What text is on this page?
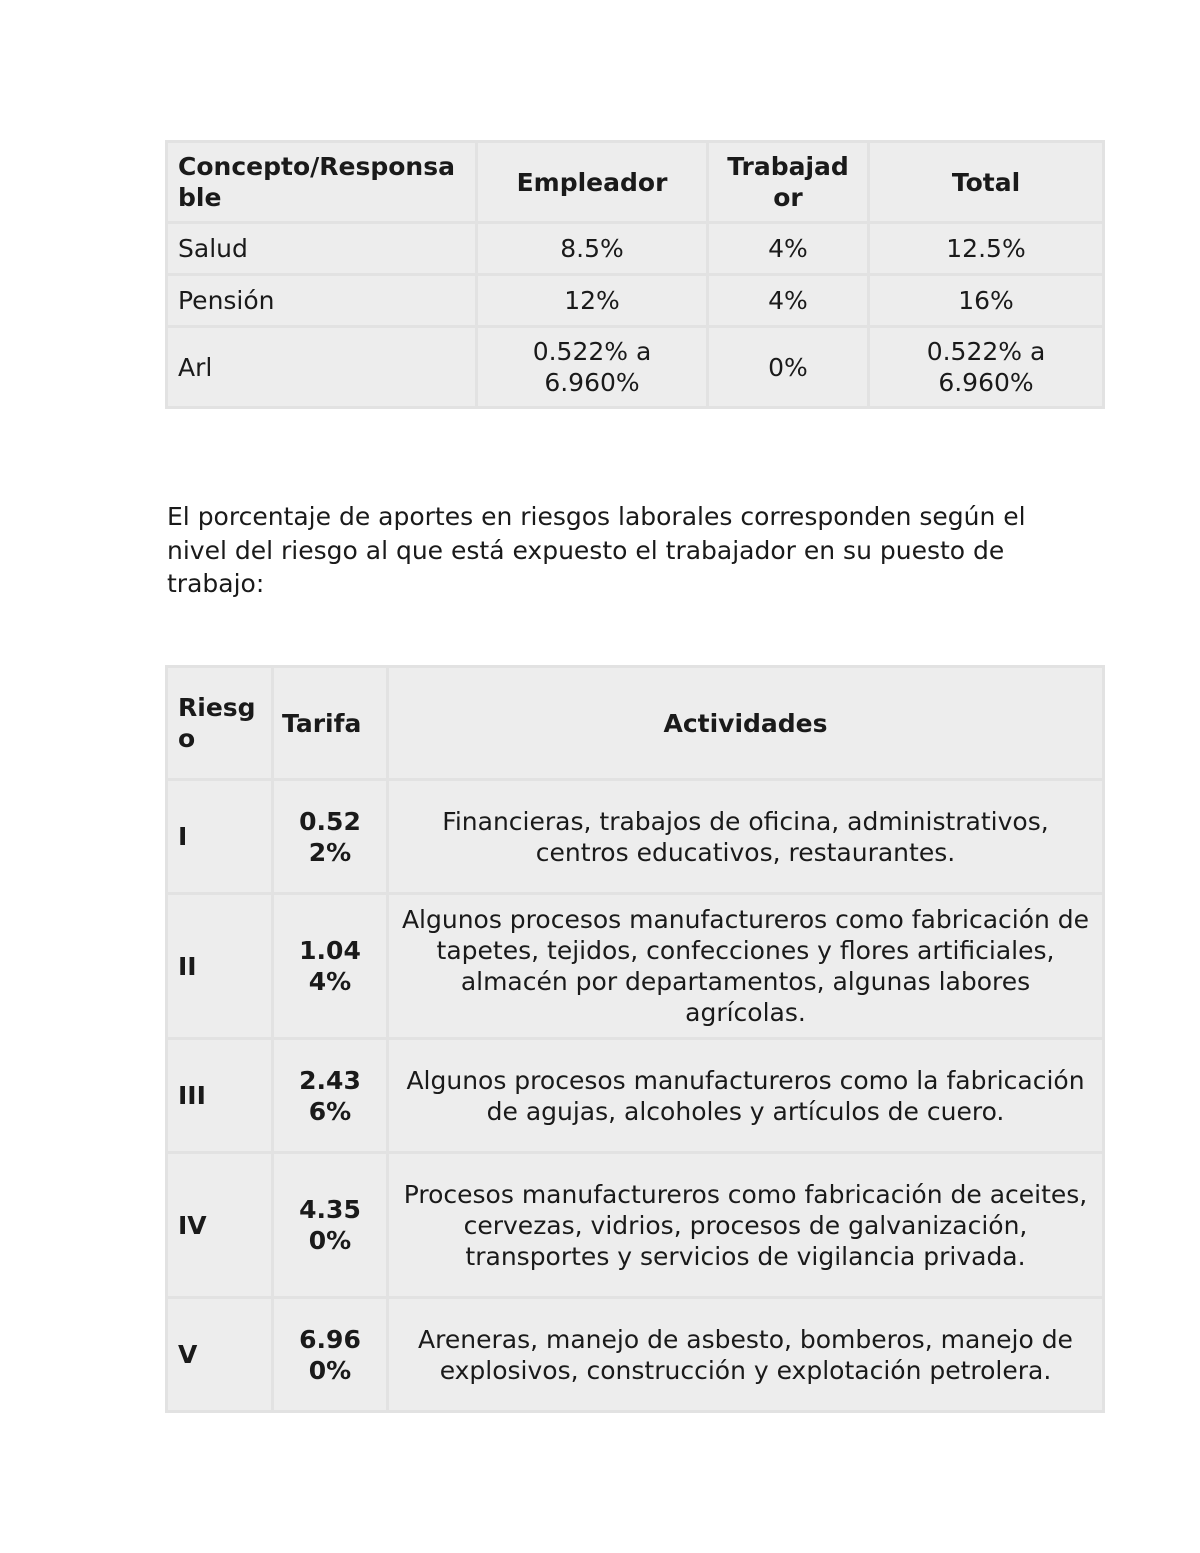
Concepto/Responsable	Empleador	Trabajador	Total
Salud	8.5%	4%	12.5%
Pensión	12%	4%	16%
Arl	0.522% a 6.960%	0%	0.522% a 6.960%

El porcentaje de aportes en riesgos laborales corresponden según el nivel del riesgo al que está expuesto el trabajador en su puesto de trabajo:

Riesgo	Tarifa	Actividades
I	0.522%	Financieras, trabajos de oficina, administrativos, centros educativos, restaurantes.
II	1.044%	Algunos procesos manufactureros como fabricación de tapetes, tejidos, confecciones y flores artificiales, almacén por departamentos, algunas labores agrícolas.
III	2.436%	Algunos procesos manufactureros como la fabricación de agujas, alcoholes y artículos de cuero.
IV	4.350%	Procesos manufactureros como fabricación de aceites, cervezas, vidrios, procesos de galvanización, transportes y servicios de vigilancia privada.
V	6.960%	Areneras, manejo de asbesto, bomberos, manejo de explosivos, construcción y explotación petrolera.
